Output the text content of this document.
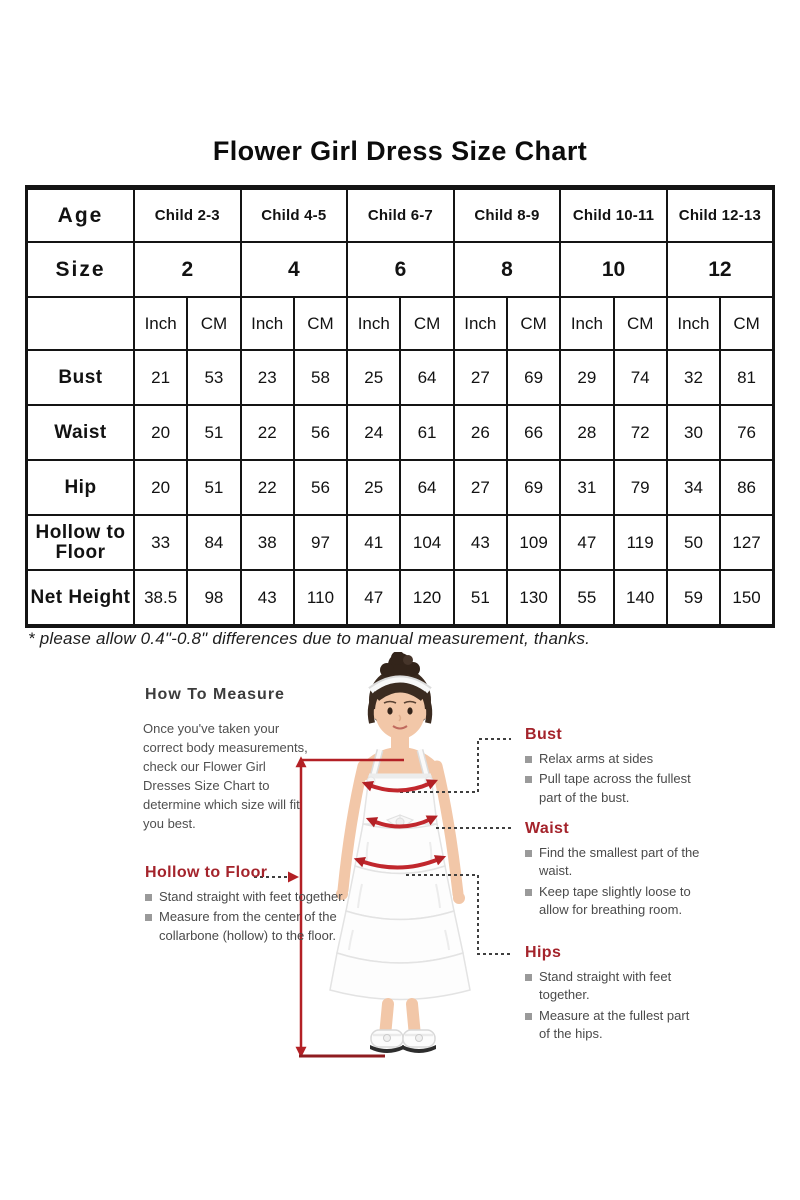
Flower Girl Dress Size Chart
Age	Child 2-3		Child 4-5		Child 6-7		Child 8-9		Child 10-11		Child 12-13	
Size	2		4		6		8		10		12	
	Inch	CM	Inch	CM	Inch	CM	Inch	CM	Inch	CM	Inch	CM
Bust	21	53	23	58	25	64	27	69	29	74	32	81
Waist	20	51	22	56	24	61	26	66	28	72	30	76
Hip	20	51	22	56	25	64	27	69	31	79	34	86
Hollow to Floor	33	84	38	97	41	104	43	109	47	119	50	127
Net Height	38.5	98	43	110	47	120	51	130	55	140	59	150

* please allow 0.4"-0.8" differences due to manual measurement, thanks.

How To Measure

Once you've taken your correct body measurements, check our Flower Girl Dresses Size Chart to determine which size will fit you best.

Hollow to Floor
Stand straight with feet together.
Measure from the center of the collarbone (hollow) to the floor.
Bust
Relax arms at sides
Pull tape across the fullest part of the bust.
Waist
Find the smallest part of the waist.
Keep tape slightly loose to allow for breathing room.
Hips
Stand straight with feet together.
Measure at the fullest part of the hips.
